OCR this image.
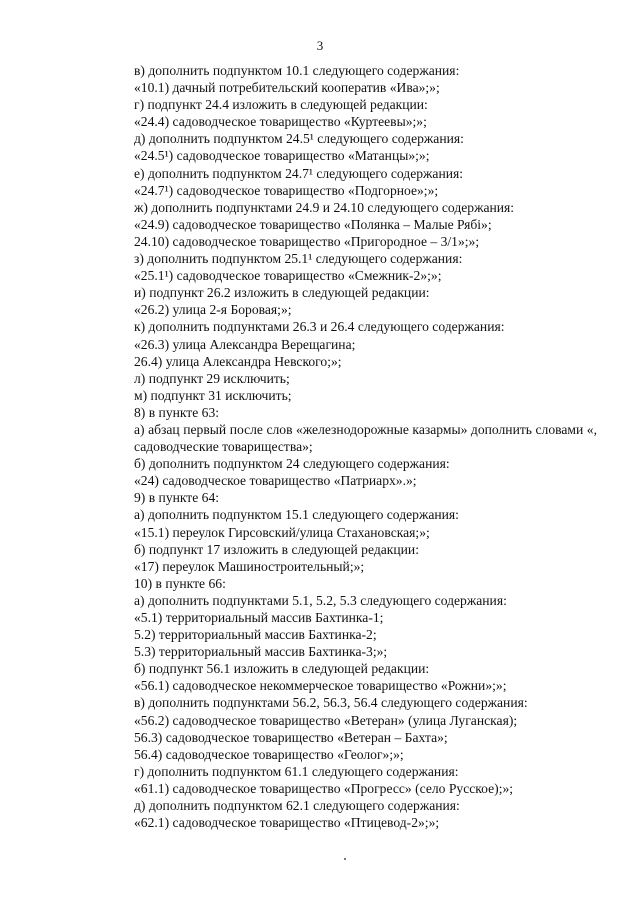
3
в) дополнить подпунктом 10.1 следующего содержания:
«10.1) дачный потребительский кооператив «Ива»;»;
г) подпункт 24.4 изложить в следующей редакции:
«24.4) садоводческое товарищество «Куртеевы»;»;
д) дополнить подпунктом 24.5¹ следующего содержания:
«24.5¹) садоводческое товарищество «Матанцы»;»;
е) дополнить подпунктом 24.7¹ следующего содержания:
«24.7¹) садоводческое товарищество «Подгорное»;»;
ж) дополнить подпунктами 24.9 и 24.10 следующего содержания:
«24.9) садоводческое товарищество «Полянка – Малые Рябі»;
24.10) садоводческое товарищество «Пригородное – 3/1»;»;
з) дополнить подпунктом 25.1¹ следующего содержания:
«25.1¹) садоводческое товарищество «Смежник-2»;»;
и) подпункт 26.2 изложить в следующей редакции:
«26.2) улица 2-я Боровая;»;
к) дополнить подпунктами 26.3 и 26.4 следующего содержания:
«26.3) улица Александра Верещагина;
26.4) улица Александра Невского;»;
л) подпункт 29 исключить;
м) подпункт 31 исключить;
8) в пункте 63:
а) абзац первый после слов «железнодорожные казармы» дополнить словами «, садоводческие товарищества»;
б) дополнить подпунктом 24 следующего содержания:
«24) садоводческое товарищество «Патриарх».»;
9) в пункте 64:
а) дополнить подпунктом 15.1 следующего содержания:
«15.1) переулок Гирсовский/улица Стахановская;»;
б) подпункт 17 изложить в следующей редакции:
«17) переулок Машиностроительный;»;
10) в пункте 66:
а) дополнить подпунктами 5.1, 5.2, 5.3 следующего содержания:
«5.1) территориальный массив Бахтинка-1;
5.2) территориальный массив Бахтинка-2;
5.3) территориальный массив Бахтинка-3;»;
б) подпункт 56.1 изложить в следующей редакции:
«56.1) садоводческое некоммерческое товарищество «Рожни»;»;
в) дополнить подпунктами 56.2, 56.3, 56.4 следующего содержания:
«56.2) садоводческое товарищество «Ветеран» (улица Луганская);
56.3) садоводческое товарищество «Ветеран – Бахта»;
56.4) садоводческое товарищество «Геолог»;»;
г) дополнить подпунктом 61.1 следующего содержания:
«61.1) садоводческое товарищество «Прогресс» (село Русское);»;
д) дополнить подпунктом 62.1 следующего содержания:
«62.1) садоводческое товарищество «Птицевод-2»;»;
